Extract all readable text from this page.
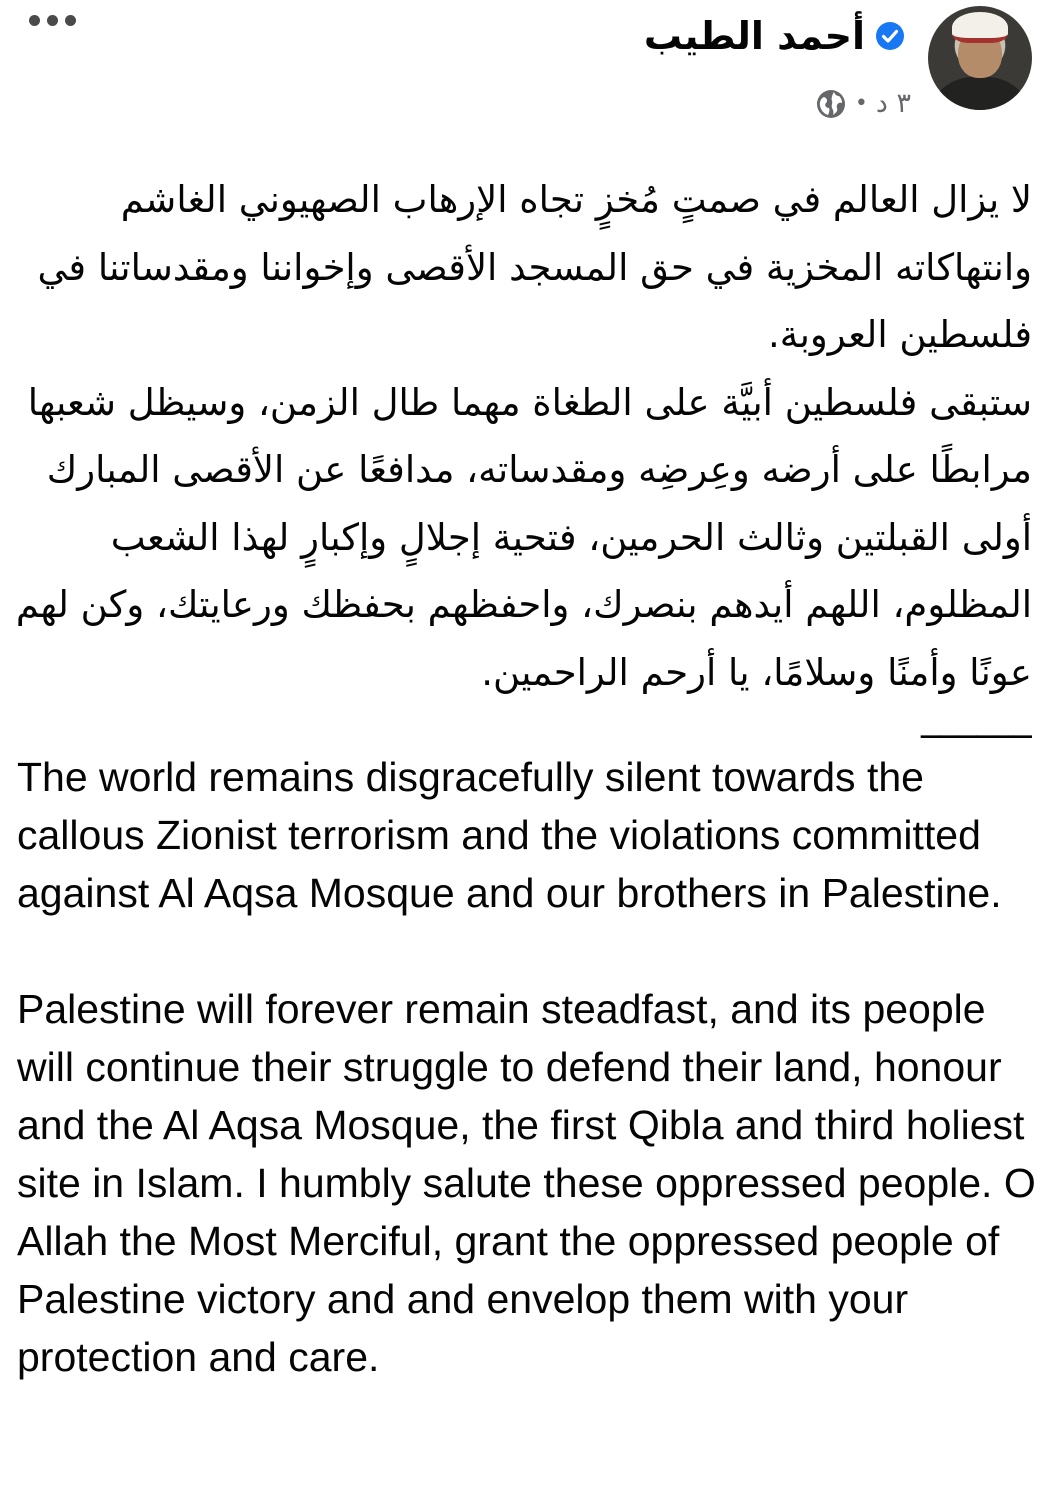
أحمد الطيب
٣ د
•

لا يزال العالم في صمتٍ مُخزٍ تجاه الإرهاب الصهيوني الغاشم وانتهاكاته المخزية في حق المسجد الأقصى وإخواننا ومقدساتنا في فلسطين العروبة.

ستبقى فلسطين أبيَّة على الطغاة مهما طال الزمن، وسيظل شعبها مرابطًا على أرضه وعِرضِه ومقدساته، مدافعًا عن الأقصى المبارك أولى القبلتين وثالث الحرمين، فتحية إجلالٍ وإكبارٍ لهذا الشعب المظلوم، اللهم أيدهم بنصرك، واحفظهم بحفظك ورعايتك، وكن لهم عونًا وأمنًا وسلامًا، يا أرحم الراحمين.

______

The world remains disgracefully silent towards the callous Zionist terrorism and the violations committed against Al Aqsa Mosque and our brothers in Palestine.

Palestine will forever remain steadfast, and its people will continue their struggle to defend their land, honour and the Al Aqsa Mosque, the first Qibla and third holiest site in Islam. I humbly salute these oppressed people. O Allah the Most Merciful, grant the oppressed people of Palestine victory and and envelop them with your protection and care.
